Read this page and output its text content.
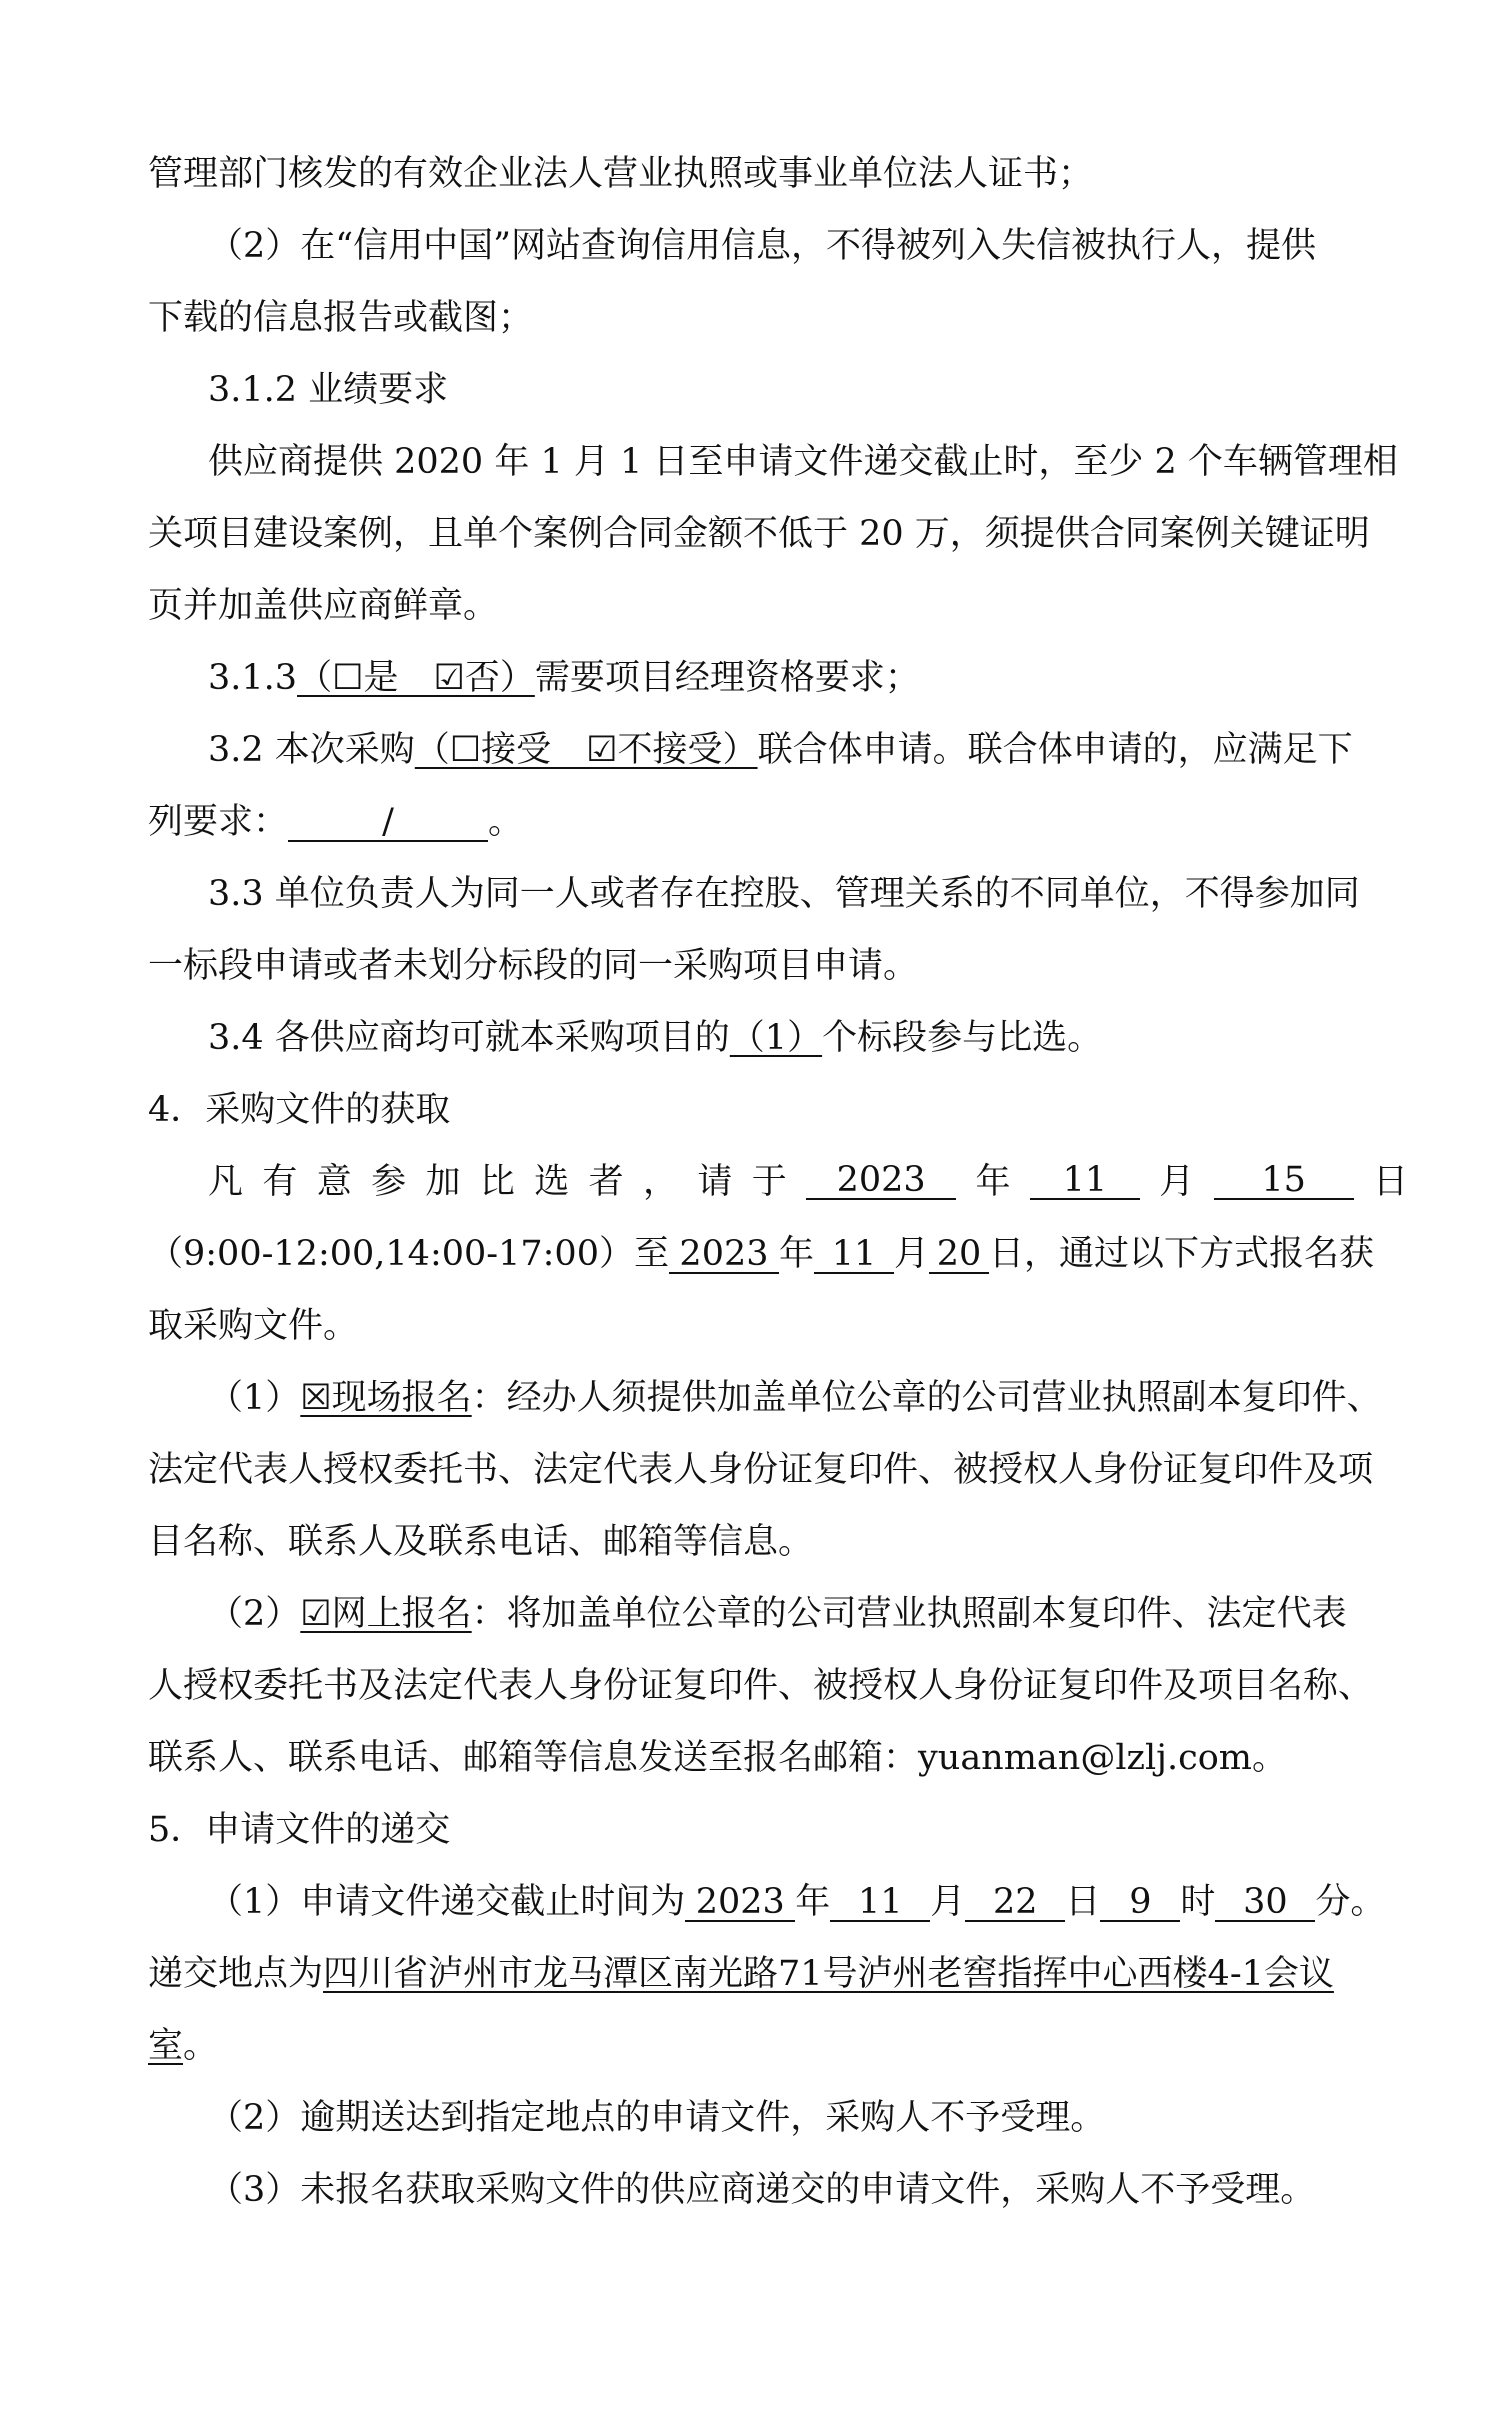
管理部门核发的有效企业法人营业执照或事业单位法人证书；
（2）在“信用中国”网站查询信用信息，不得被列入失信被执行人，提供
下载的信息报告或截图；
3.1.2 业绩要求
供应商提供 2020 年 1 月 1 日至申请文件递交截止时，至少 2 个车辆管理相
关项目建设案例，且单个案例合同金额不低于 20 万，须提供合同案例关键证明
页并加盖供应商鲜章。
3.1.3（☐是　☑否）需要项目经理资格要求；
3.2 本次采购（☐接受　☑不接受）联合体申请。联合体申请的，应满足下
列要求：	/	。
3.3 单位负责人为同一人或者存在控股、管理关系的不同单位，不得参加同
一标段申请或者未划分标段的同一采购项目申请。
3.4 各供应商均可就本采购项目的（1）个标段参与比选。
4．采购文件的获取
凡 有 意 参 加 比 选 者 ， 请 于	2023	年	11	月	15	日
（9:00-12:00,14:00-17:00）至 2023 年 11 月 20 日，通过以下方式报名获
取采购文件。
（1）☒现场报名：经办人须提供加盖单位公章的公司营业执照副本复印件、
法定代表人授权委托书、法定代表人身份证复印件、被授权人身份证复印件及项
目名称、联系人及联系电话、邮箱等信息。
（2）☑网上报名：将加盖单位公章的公司营业执照副本复印件、法定代表
人授权委托书及法定代表人身份证复印件、被授权人身份证复印件及项目名称、
联系人、联系电话、邮箱等信息发送至报名邮箱：yuanman@lzlj.com。
5．申请文件的递交
（1）申请文件递交截止时间为 2023 年 11 月 22 日 9 时 30 分。
递交地点为四川省泸州市龙马潭区南光路71号泸州老窖指挥中心西楼4-1会议
室。
（2）逾期送达到指定地点的申请文件，采购人不予受理。
（3）未报名获取采购文件的供应商递交的申请文件，采购人不予受理。
